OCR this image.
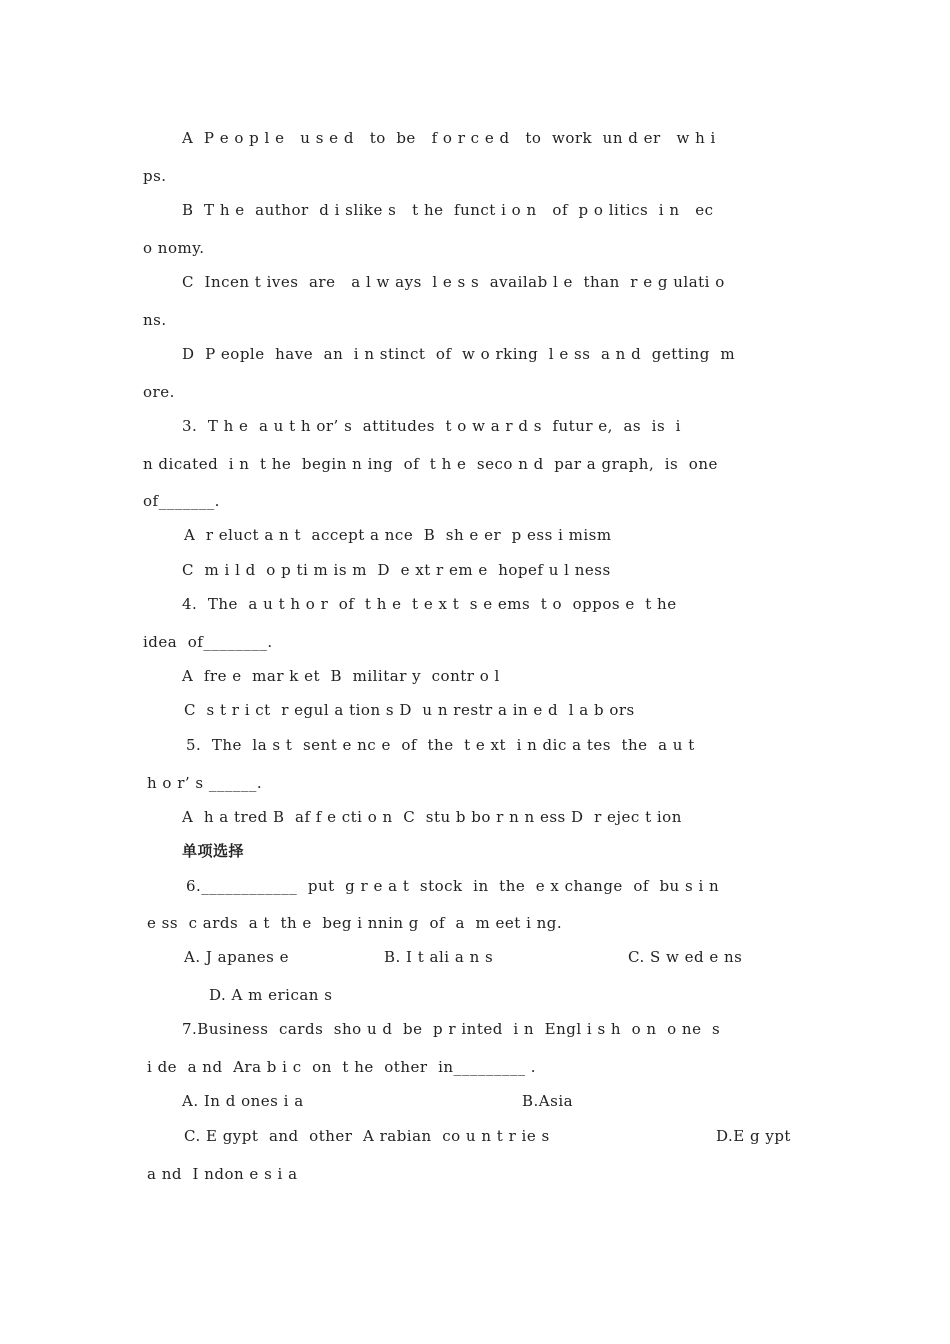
A  P e o p l e   u s e d   to  be   f o r c e d   to  work  un d er   w h i
ps.
B  T h e  author  d i slike s   t he  funct i o n   of  p o litics  i n   ec
o nomy.
C  Incen t ives  are   a l w ays  l e s s  availab l e  than  r e g ulati o
ns.
D  P eople  have  an  i n stinct  of  w o rking  l e ss  a n d  getting  m
ore.
3.  T h e  a u t h or’ s  attitudes  t o w a r d s  futur e,  as  is  i
n dicated  i n  t he  begin n ing  of  t h e  seco n d  par a graph,  is  one
of_______.
A  r eluct a n t  accept a nce  B  sh e er  p ess i mism
C  m i l d  o p ti m is m  D  e xt r em e  hopef u l ness
4.  The  a u t h o r  of  t h e  t e x t  s e ems  t o  oppos e  t he
idea  of________.
A  fre e  mar k et  B  militar y  contr o l
C  s t r i ct  r egul a tion s D  u n restr a in e d  l a b ors
5.  The  la s t  sent e nc e  of  the  t e xt  i n dic a tes  the  a u t
h o r’ s ______.
A  h a tred B  af f e cti o n  C  stu b bo r n n ess D  r ejec t ion
单项选择
6.____________  put  g r e a t  stock  in  the  e x change  of  bu s i n
e ss  c ards  a t  th e  beg i nnin g  of  a  m eet i ng.
A. J apanes e	B. I t ali a n s	C. S w ed e ns
D. A m erican s
7.Business  cards  sho u d  be  p r inted  i n  Engl i s h  o n  o ne  s
i de  a nd  Ara b i c  on  t he  other  in_________ .
A. In d ones i a	B.Asia
C. E gypt  and  other  A rabian  co u n t r ie s	D.E g ypt
a nd  I ndon e s i a
